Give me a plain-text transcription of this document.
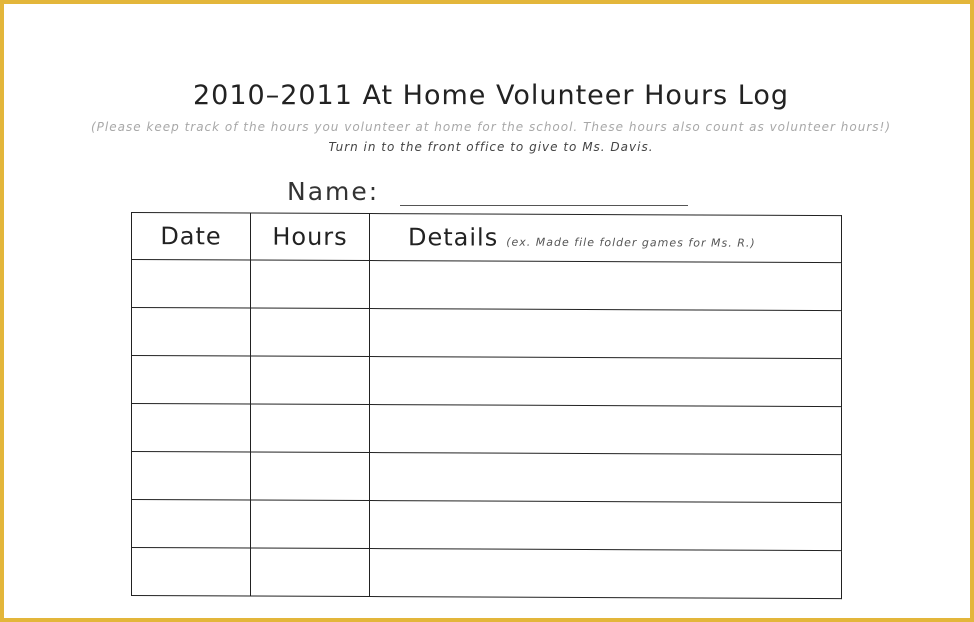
2010–2011 At Home Volunteer Hours Log
(Please keep track of the hours you volunteer at home for the school. These hours also count as volunteer hours!)
Turn in to the front office to give to Ms. Davis.
Name:
Date	Hours	Details (ex. Made file folder games for Ms. R.)
